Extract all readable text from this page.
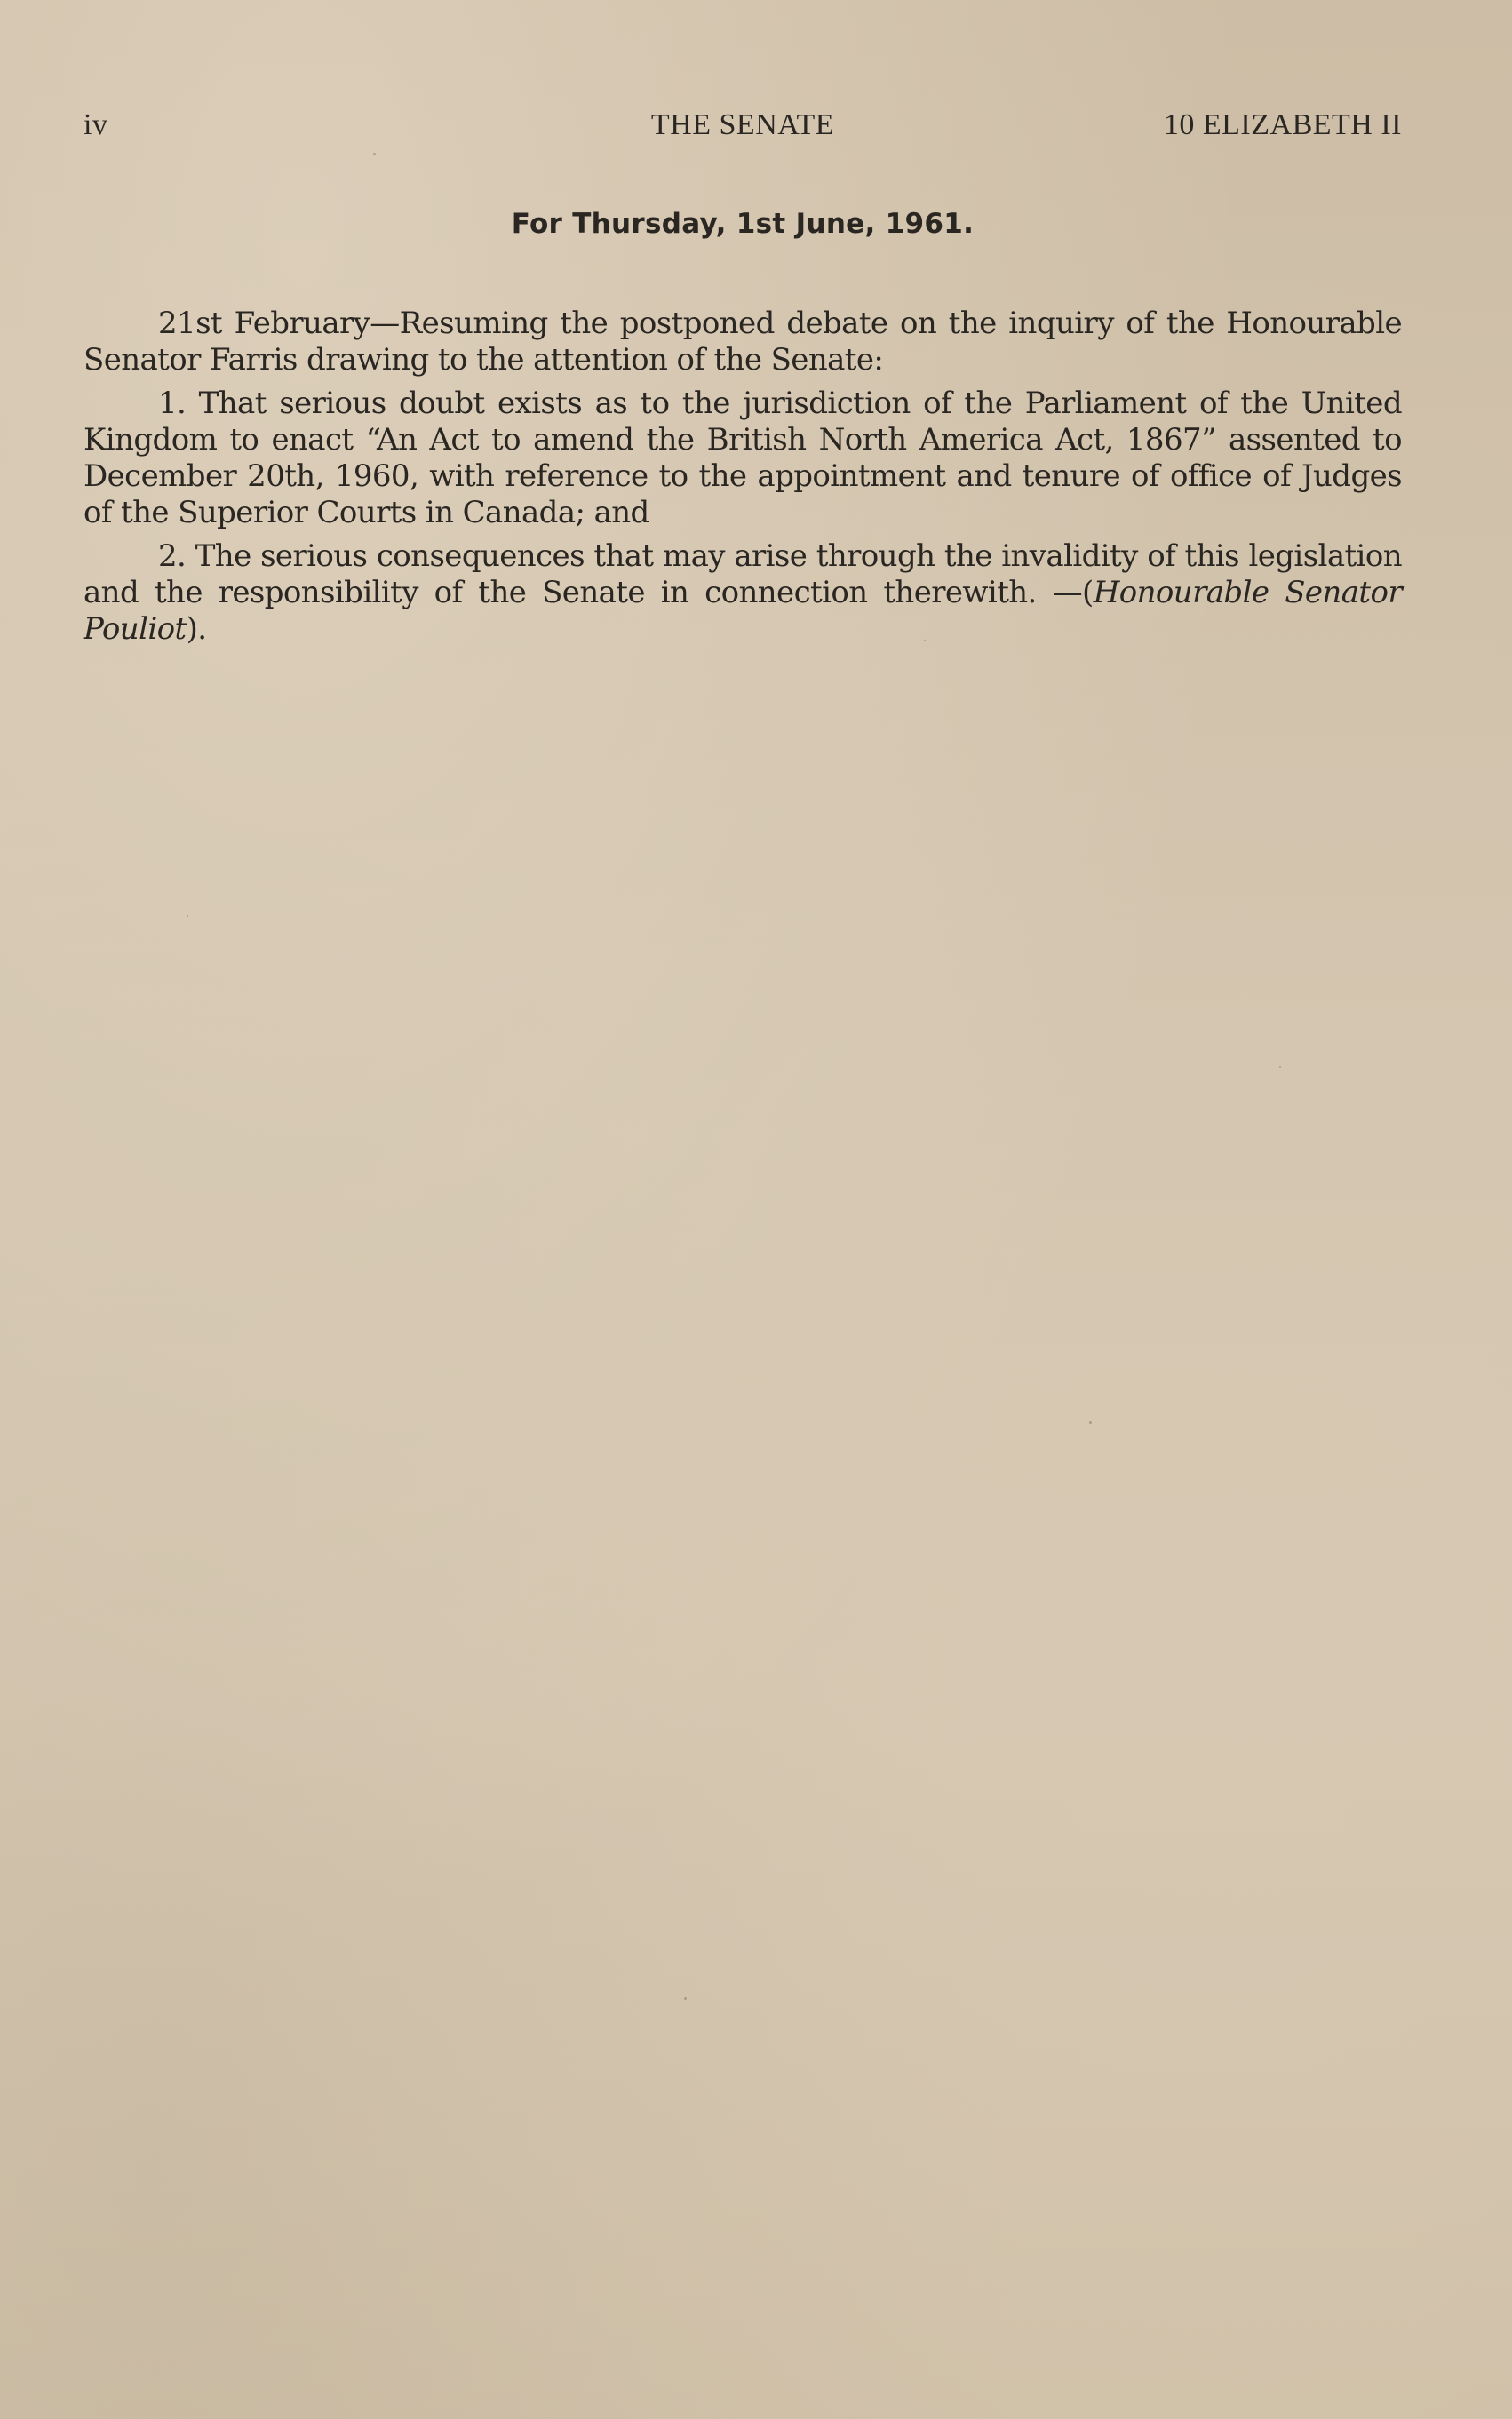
iv	THE SENATE	10 ELIZABETH II
For Thursday, 1st June, 1961.

21st February—Resuming the postponed debate on the inquiry of the Honourable Senator Farris drawing to the attention of the Senate:

1. That serious doubt exists as to the jurisdiction of the Parliament of the United Kingdom to enact “An Act to amend the British North America Act, 1867” assented to December 20th, 1960, with reference to the appointment and tenure of office of Judges of the Superior Courts in Canada; and

2. The serious consequences that may arise through the invalidity of this legislation and the responsibility of the Senate in connection therewith. —(Honourable Senator Pouliot).
